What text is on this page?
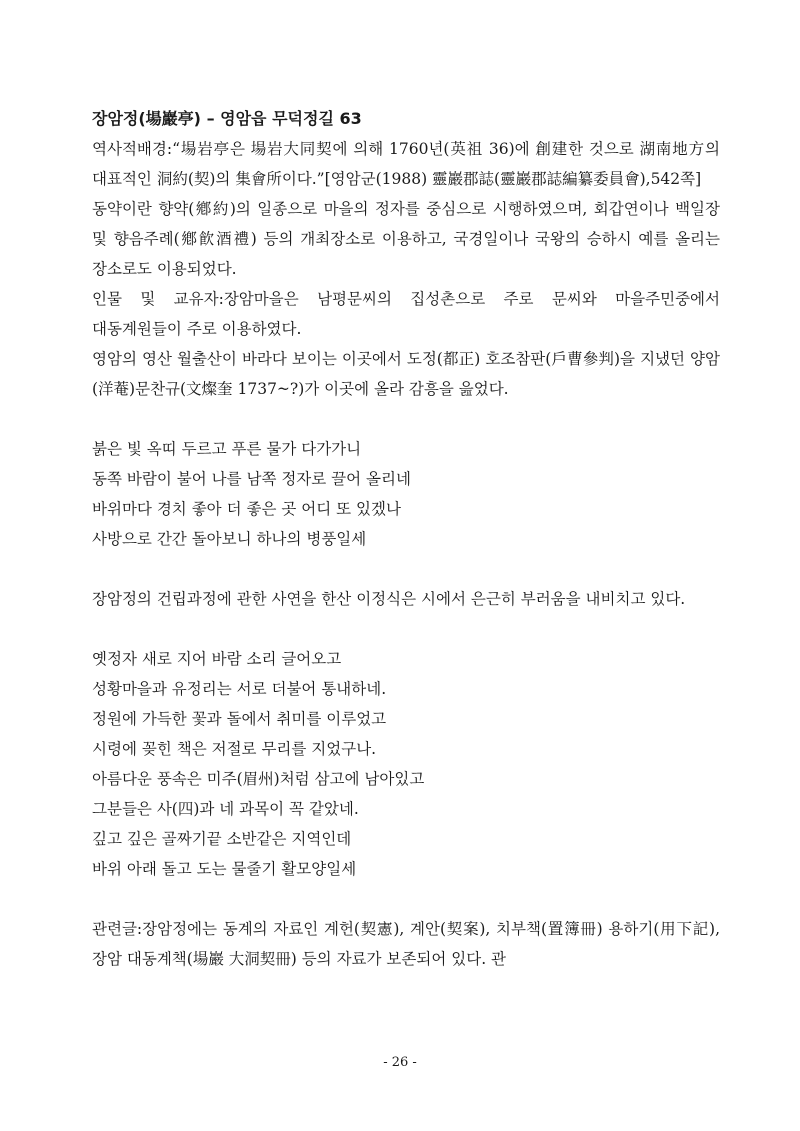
장암정(場巖亭) – 영암읍 무덕정길 63

역사적배경:“場岩亭은 場岩大同契에 의해 1760년(英祖 36)에 創建한 것으로 湖南地方의 대표적인 洞約(契)의 集會所이다.”[영암군(1988) 靈巖郡誌(靈巖郡誌編纂委員會),542쪽]

동약이란 향약(鄕約)의 일종으로 마을의 정자를 중심으로 시행하였으며, 회갑연이나 백일장 및 향음주례(鄕飮酒禮) 등의 개최장소로 이용하고, 국경일이나 국왕의 승하시 예를 올리는 장소로도 이용되었다.

인물 및 교유자:장암마을은 남평문씨의 집성촌으로 주로 문씨와 마을주민중에서 대동계원들이 주로 이용하였다.

영암의 영산 월출산이 바라다 보이는 이곳에서 도정(都正) 호조참판(戶曹參判)을 지냈던 양암(洋菴)문찬규(文燦奎 1737~?)가 이곳에 올라 감흥을 읊었다.

붉은 빛 옥띠 두르고 푸른 물가 다가가니
동쪽 바람이 불어 나를 남쪽 정자로 끌어 올리네
바위마다 경치 좋아 더 좋은 곳 어디 또 있겠나
사방으로 간간 돌아보니 하나의 병풍일세

장암정의 건립과정에 관한 사연을 한산 이정식은 시에서 은근히 부러움을 내비치고 있다.

옛정자 새로 지어 바람 소리 글어오고
성황마을과 유정리는 서로 더불어 통내하네.
정원에 가득한 꽃과 돌에서 취미를 이루었고
시령에 꽂힌 책은 저절로 무리를 지었구나.
아름다운 풍속은 미주(眉州)처럼 삼고에 남아있고
그분들은 사(四)과 네 과목이 꼭 같았네.
깊고 깊은 골짜기끝 소반같은 지역인데
바위 아래 돌고 도는 물줄기 활모양일세

관련글:장암정에는 동계의 자료인 계헌(契憲), 계안(契案), 치부책(置簿冊) 용하기(用下記), 장암 대동계책(場巖 大洞契冊) 등의 자료가 보존되어 있다. 관

- 26 -
